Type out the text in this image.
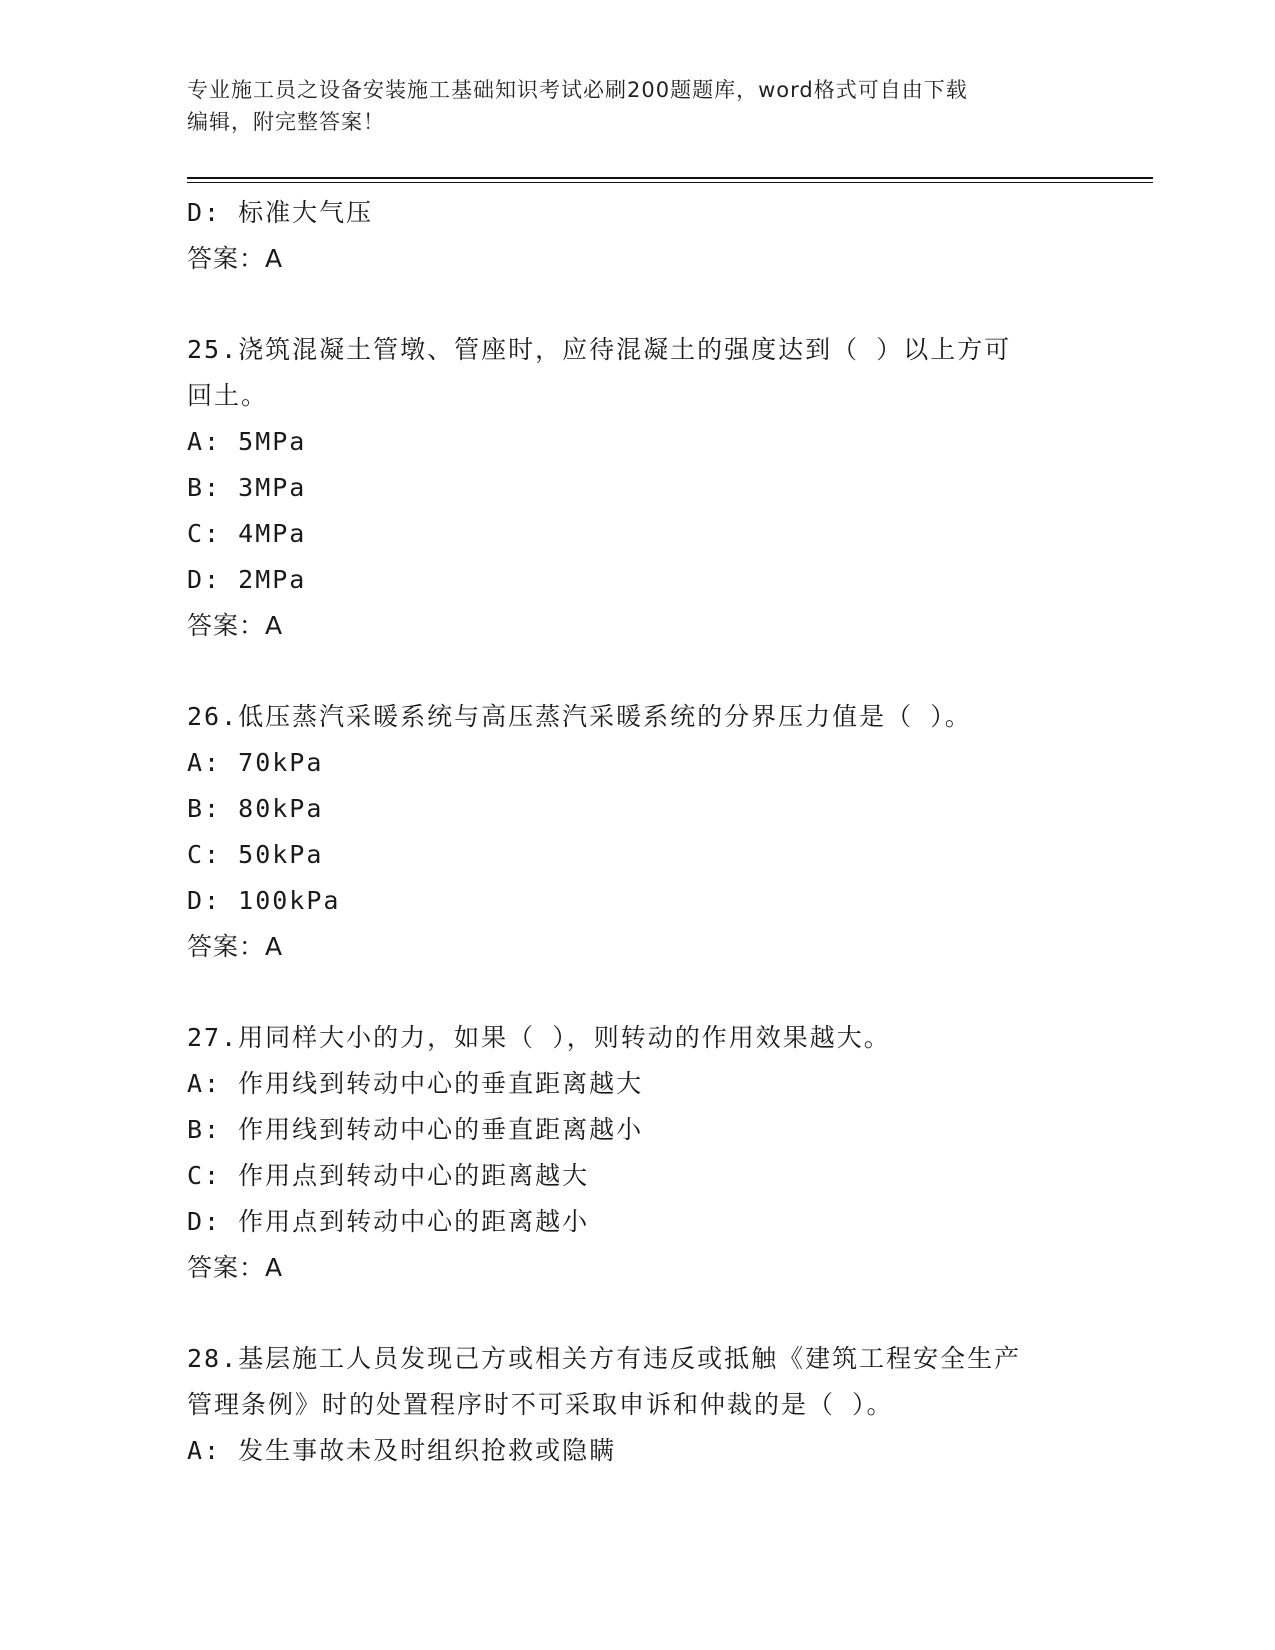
专业施工员之设备安装施工基础知识考试必刷200题题库，word格式可自由下载
编辑，附完整答案！
D: 标准大气压
答案：A
25.浇筑混凝土管墩、管座时，应待混凝土的强度达到（ ）以上方可
回土。
A: 5MPa
B: 3MPa
C: 4MPa
D: 2MPa
答案：A
26.低压蒸汽采暖系统与高压蒸汽采暖系统的分界压力值是（ ）。
A: 70kPa
B: 80kPa
C: 50kPa
D: 100kPa
答案：A
27.用同样大小的力，如果（ ），则转动的作用效果越大。
A: 作用线到转动中心的垂直距离越大
B: 作用线到转动中心的垂直距离越小
C: 作用点到转动中心的距离越大
D: 作用点到转动中心的距离越小
答案：A
28.基层施工人员发现己方或相关方有违反或抵触《建筑工程安全生产
管理条例》时的处置程序时不可采取申诉和仲裁的是（ ）。
A: 发生事故未及时组织抢救或隐瞒
